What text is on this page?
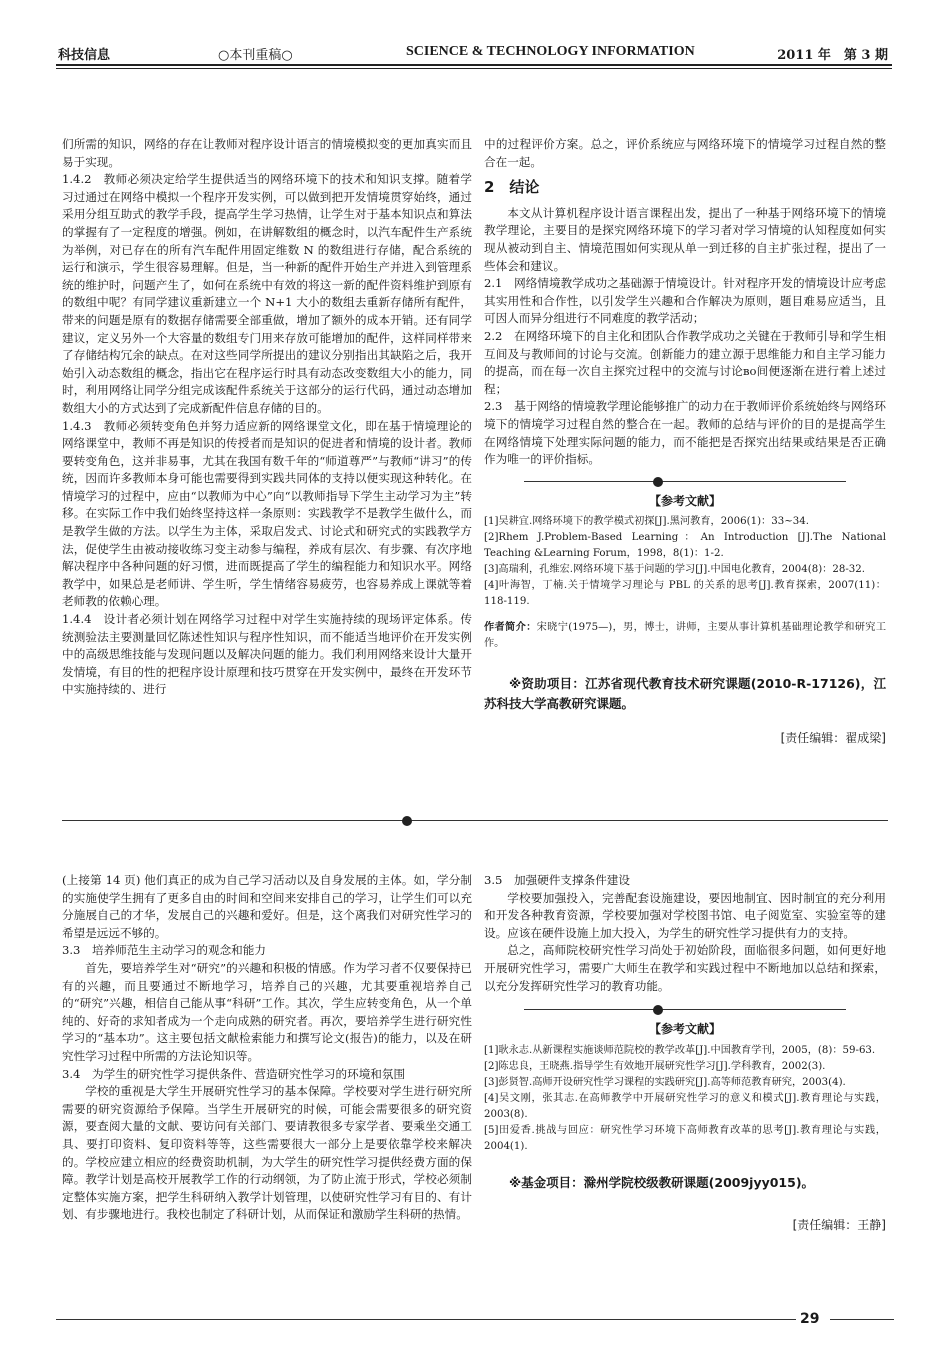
科技信息	○本刊重稿○	SCIENCE & TECHNOLOGY INFORMATION	2011 年　第 3 期

们所需的知识，网络的存在让教师对程序设计语言的情境模拟变的更加真实而且易于实现。

1.4.2　教师必须决定给学生提供适当的网络环境下的技术和知识支撑。随着学习过通过在网络中模拟一个程序开发实例，可以做到把开发情境贯穿始终，通过采用分组互助式的教学手段，提高学生学习热情，让学生对于基本知识点和算法的掌握有了一定程度的增强。例如，在讲解数组的概念时，以汽车配件生产系统为举例，对已存在的所有汽车配件用固定维数 N 的数组进行存储，配合系统的运行和演示，学生很容易理解。但是，当一种新的配件开始生产并进入到管理系统的维护时，问题产生了，如何在系统中有效的将这一新的配件资料维护到原有的数组中呢？有同学建议重新建立一个 N+1 大小的数组去重新存储所有配件，带来的问题是原有的数据存储需要全部重做，增加了额外的成本开销。还有同学建议，定义另外一个大容量的数组专门用来存放可能增加的配件，这样同样带来了存储结构冗余的缺点。在对这些同学所提出的建议分别指出其缺陷之后，我开始引入动态数组的概念，指出它在程序运行时具有动态改变数组大小的能力，同时，利用网络让同学分组完成该配件系统关于这部分的运行代码，通过动态增加数组大小的方式达到了完成新配件信息存储的目的。

1.4.3　教师必须转变角色并努力适应新的网络课堂文化，即在基于情境理论的网络课堂中，教师不再是知识的传授者而是知识的促进者和情境的设计者。教师要转变角色，这并非易事，尤其在我国有数千年的“师道尊严”与教师“讲习”的传统，因而许多教师本身可能也需要得到实践共同体的支持以便实现这种转化。在情境学习的过程中，应由“以教师为中心”向“以教师指导下学生主动学习为主”转移。在实际工作中我们始终坚持这样一条原则：实践教学不是教学生做什么，而是教学生做的方法。以学生为主体，采取启发式、讨论式和研究式的实践教学方法，促使学生由被动接收练习变主动参与编程，养成有层次、有步骤、有次序地解决程序中各种问题的好习惯，进而既提高了学生的编程能力和知识水平。网络教学中，如果总是老师讲、学生听，学生情绪容易疲劳，也容易养成上课就等着老师教的依赖心理。

1.4.4　设计者必须计划在网络学习过程中对学生实施持续的现场评定体系。传统测验法主要测量回忆陈述性知识与程序性知识，而不能适当地评价在开发实例中的高级思维技能与发现问题以及解决问题的能力。我们利用网络来设计大量开发情境，有目的性的把程序设计原理和技巧贯穿在开发实例中，最终在开发环节中实施持续的、进行

中的过程评价方案。总之，评价系统应与网络环境下的情境学习过程自然的整合在一起。

2　结论

本文从计算机程序设计语言课程出发，提出了一种基于网络环境下的情境教学理论，主要目的是探究网络环境下的学习者对学习情境的认知程度如何实现从被动到自主、情境范围如何实现从单一到迁移的自主扩张过程，提出了一些体会和建议。

2.1　网络情境教学成功之基础源于情境设计。针对程序开发的情境设计应考虑其实用性和合作性，以引发学生兴趣和合作解决为原则，题目难易应适当，且可因人而异分组进行不同难度的教学活动；

2.2　在网络环境下的自主化和团队合作教学成功之关键在于教师引导和学生相互间及与教师间的讨论与交流。创新能力的建立源于思维能力和自主学习能力的提高，而在每一次自主探究过程中的交流与讨论во间便逐渐在进行着上述过程；

2.3　基于网络的情境教学理论能够推广的动力在于教师评价系统始终与网络环境下的情境学习过程自然的整合在一起。教师的总结与评价的目的是提高学生在网络情境下处理实际问题的能力，而不能把是否探究出结果或结果是否正确作为唯一的评价指标。

【参考文献】

[1]吴耕宜.网络环境下的教学模式初探[J].黑河教育，2006(1)：33~34.

[2]Rhem J.Problem-Based Learning：An Introduction [J].The National Teaching &Learning Forum，1998，8(1)：1-2.

[3]高瑞利，孔维宏.网络环境下基于问题的学习[J].中国电化教育，2004(8)：28-32.

[4]叶海智，丁楠.关于情境学习理论与 PBL 的关系的思考[J].教育探索，2007(11)：118-119.

作者简介：宋晓宁(1975—)，男，博士，讲师，主要从事计算机基础理论教学和研究工作。
※资助项目：江苏省现代教育技术研究课题(2010-R-17126)，江苏科技大学高教研究课题。
[责任编辑：翟成梁]

(上接第 14 页) 他们真正的成为自己学习活动以及自身发展的主体。如，学分制的实施使学生拥有了更多自由的时间和空间来安排自己的学习，让学生们可以充分施展自己的才华，发展自己的兴趣和爱好。但是，这个离我们对研究性学习的希望是远远不够的。

3.3　培养师范生主动学习的观念和能力

首先，要培养学生对“研究”的兴趣和积极的情感。作为学习者不仅要保持已有的兴趣，而且要通过不断地学习，培养自己的兴趣，尤其要重视培养自己的“研究”兴趣，相信自己能从事“科研”工作。其次，学生应转变角色，从一个单纯的、好奇的求知者成为一个走向成熟的研究者。再次，要培养学生进行研究性学习的“基本功”。这主要包括文献检索能力和撰写论文(报告)的能力，以及在研究性学习过程中所需的方法论知识等。

3.4　为学生的研究性学习提供条件、营造研究性学习的环境和氛围

学校的重视是大学生开展研究性学习的基本保障。学校要对学生进行研究所需要的研究资源给予保障。当学生开展研究的时候，可能会需要很多的研究资源，要查阅大量的文献、要访问有关部门、要请教很多专家学者、要乘坐交通工具、要打印资料、复印资料等等，这些需要很大一部分上是要依靠学校来解决的。学校应建立相应的经费资助机制，为大学生的研究性学习提供经费方面的保障。教学计划是高校开展教学工作的行动纲领，为了防止流于形式，学校必须制定整体实施方案，把学生科研纳入教学计划管理，以使研究性学习有目的、有计划、有步骤地进行。我校也制定了科研计划，从而保证和激励学生科研的热情。

3.5　加强硬件支撑条件建设

学校要加强投入，完善配套设施建设，要因地制宜、因时制宜的充分利用和开发各种教育资源，学校要加强对学校图书馆、电子阅览室、实验室等的建设。应该在硬件设施上加大投入，为学生的研究性学习提供有力的支持。

总之，高师院校研究性学习尚处于初始阶段，面临很多问题，如何更好地开展研究性学习，需要广大师生在教学和实践过程中不断地加以总结和探索，以充分发挥研究性学习的教育功能。

【参考文献】

[1]耿永志.从新课程实施谈师范院校的教学改革[J].中国教育学刊，2005，(8)：59-63.

[2]陈忠良，王晓燕.指导学生有效地开展研究性学习[J].学科教育，2002(3).

[3]彭贤智.高师开设研究性学习课程的实践研究[J].高等师范教育研究，2003(4).

[4]吴文刚，张其志.在高师教学中开展研究性学习的意义和模式[J].教育理论与实践，2003(8).

[5]田爱香.挑战与回应：研究性学习环境下高师教育改革的思考[J].教育理论与实践，2004(1).

※基金项目：滁州学院校级教研课题(2009jyy015)。
[责任编辑：王静]
29
